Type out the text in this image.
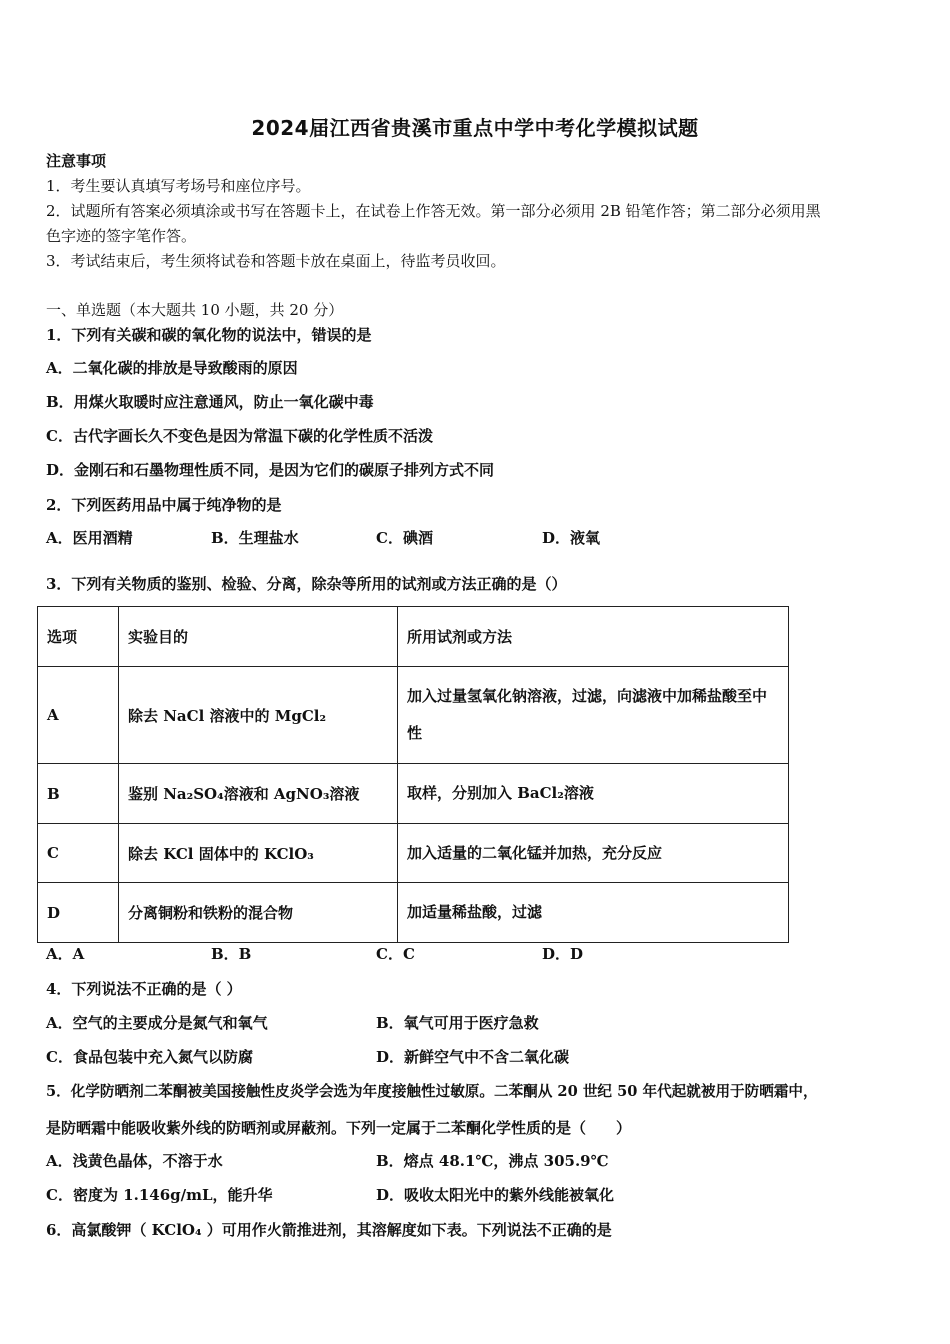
2024届江西省贵溪市重点中学中考化学模拟试题
注意事项
1．考生要认真填写考场号和座位序号。
2．试题所有答案必须填涂或书写在答题卡上，在试卷上作答无效。第一部分必须用 2B 铅笔作答；第二部分必须用黑
色字迹的签字笔作答。
3．考试结束后，考生须将试卷和答题卡放在桌面上，待监考员收回。
一、单选题（本大题共 10 小题，共 20 分）
1．下列有关碳和碳的氧化物的说法中，错误的是
A．二氧化碳的排放是导致酸雨的原因
B．用煤火取暖时应注意通风，防止一氧化碳中毒
C．古代字画长久不变色是因为常温下碳的化学性质不活泼
D．金刚石和石墨物理性质不同，是因为它们的碳原子排列方式不同
2．下列医药用品中属于纯净物的是
A．医用酒精	B．生理盐水	C．碘酒	D．液氧
3．下列有关物质的鉴别、检验、分离，除杂等所用的试剂或方法正确的是（）
选项	实验目的	所用试剂或方法
A	除去 NaCl 溶液中的 MgCl₂	加入过量氢氧化钠溶液，过滤，向滤液中加稀盐酸至中性
B	鉴别 Na₂SO₄溶液和 AgNO₃溶液	取样，分别加入 BaCl₂溶液
C	除去 KCl 固体中的 KClO₃	加入适量的二氧化锰并加热，充分反应
D	分离铜粉和铁粉的混合物	加适量稀盐酸，过滤
A．A	B．B	C．C	D．D
4．下列说法不正确的是（ ）
A．空气的主要成分是氮气和氧气	B．氧气可用于医疗急救
C．食品包装中充入氮气以防腐	D．新鲜空气中不含二氧化碳
5．化学防晒剂二苯酮被美国接触性皮炎学会选为年度接触性过敏原。二苯酮从 20 世纪 50 年代起就被用于防晒霜中，
是防晒霜中能吸收紫外线的防晒剂或屏蔽剂。下列一定属于二苯酮化学性质的是（　　）
A．浅黄色晶体，不溶于水	B．熔点 48.1℃，沸点 305.9℃
C．密度为 1.146g/mL，能升华	D．吸收太阳光中的紫外线能被氧化
6．高氯酸钾（ KClO₄ ）可用作火箭推进剂，其溶解度如下表。下列说法不正确的是
